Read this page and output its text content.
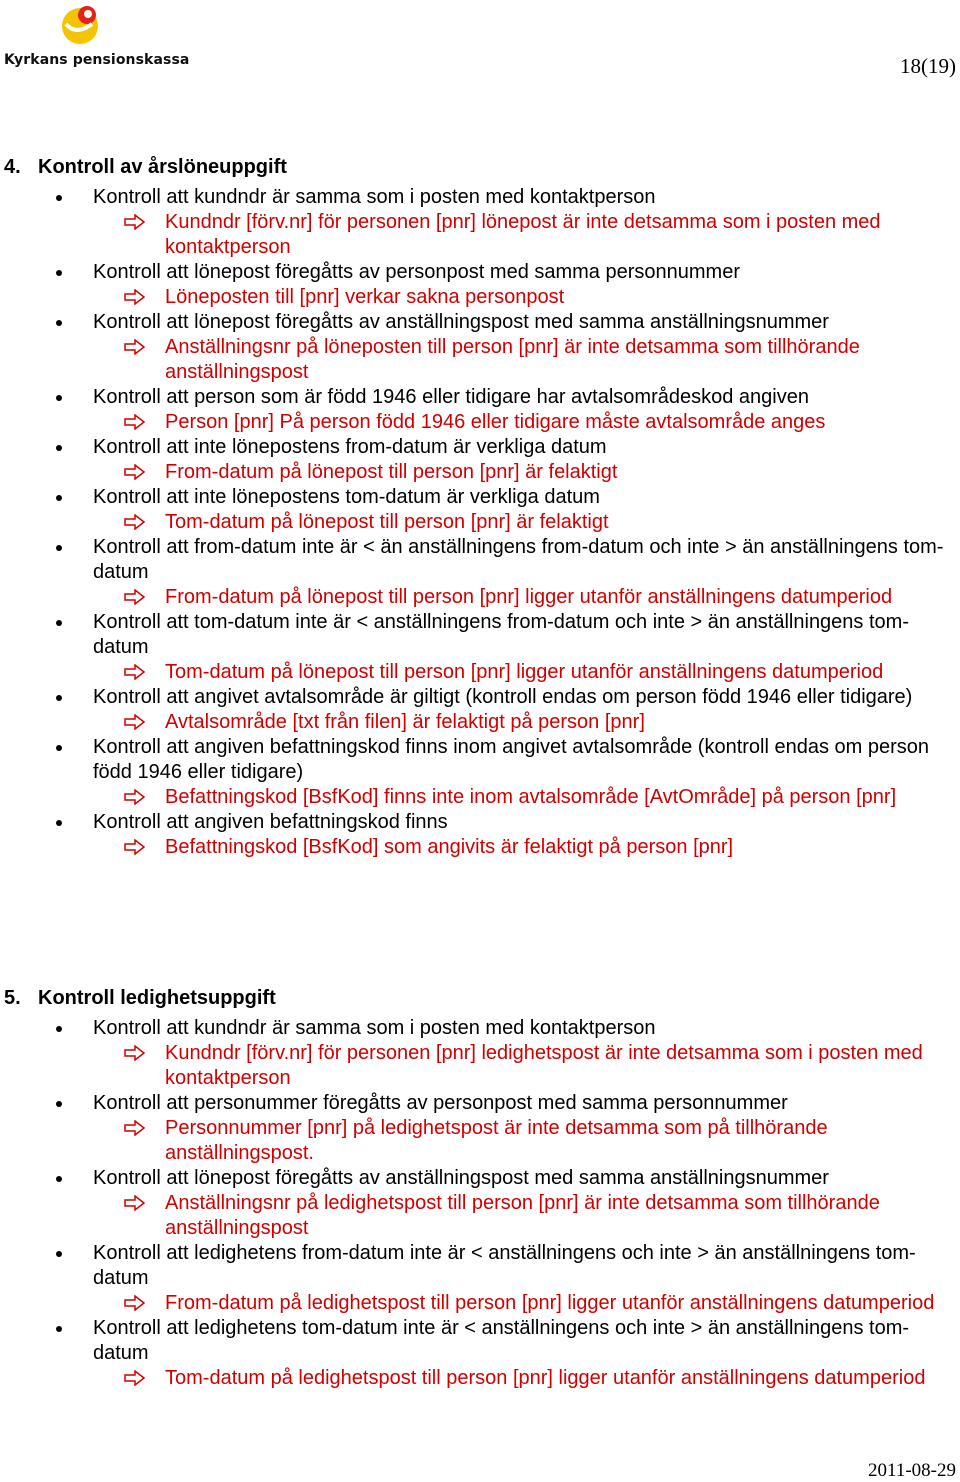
Kyrkans pensionskassa	18(19)
4. Kontroll av årslöneuppgift
Kontroll att kundndr är samma som i posten med kontaktperson
Kundndr [förv.nr] för personen [pnr] lönepost är inte detsamma som i posten med kontaktperson
Kontroll att lönepost föregåtts av personpost med samma personnummer
Löneposten till [pnr] verkar sakna personpost
Kontroll att lönepost föregåtts av anställningspost med samma anställningsnummer
Anställningsnr på löneposten till person [pnr] är inte detsamma som tillhörande anställningspost
Kontroll att person som är född 1946 eller tidigare har avtalsområdeskod angiven
Person [pnr] På person född 1946 eller tidigare måste avtalsområde anges
Kontroll att inte lönepostens from-datum är verkliga datum
From-datum på lönepost till person [pnr] är felaktigt
Kontroll att inte lönepostens tom-datum är verkliga datum
Tom-datum på lönepost till person [pnr] är felaktigt
Kontroll att from-datum inte är < än anställningens from-datum och inte > än anställningens tom-datum
From-datum på lönepost till person [pnr] ligger utanför anställningens datumperiod
Kontroll att tom-datum inte är < anställningens from-datum och inte > än anställningens tom-datum
Tom-datum på lönepost till person [pnr] ligger utanför anställningens datumperiod
Kontroll att angivet avtalsområde är giltigt (kontroll endas om person född 1946 eller tidigare)
Avtalsområde [txt från filen] är felaktigt på person [pnr]
Kontroll att angiven befattningskod finns inom angivet avtalsområde (kontroll endas om person född 1946 eller tidigare)
Befattningskod [BsfKod] finns inte inom avtalsområde [AvtOmråde] på person [pnr]
Kontroll att angiven befattningskod finns
Befattningskod [BsfKod] som angivits är felaktigt på person [pnr]
5. Kontroll ledighetsuppgift
Kontroll att kundndr är samma som i posten med kontaktperson
Kundndr [förv.nr] för personen [pnr] ledighetspost är inte detsamma som i posten med kontaktperson
Kontroll att personummer föregåtts av personpost med samma personnummer
Personnummer [pnr] på ledighetspost är inte detsamma som på tillhörande anställningspost.
Kontroll att lönepost föregåtts av anställningspost med samma anställningsnummer
Anställningsnr på ledighetspost till person [pnr] är inte detsamma som tillhörande anställningspost
Kontroll att ledighetens from-datum inte är < anställningens och inte > än anställningens tom-datum
From-datum på ledighetspost till person [pnr] ligger utanför anställningens datumperiod
Kontroll att ledighetens tom-datum inte är < anställningens och inte > än anställningens tom-datum
Tom-datum på ledighetspost till person [pnr] ligger utanför anställningens datumperiod
2011-08-29
